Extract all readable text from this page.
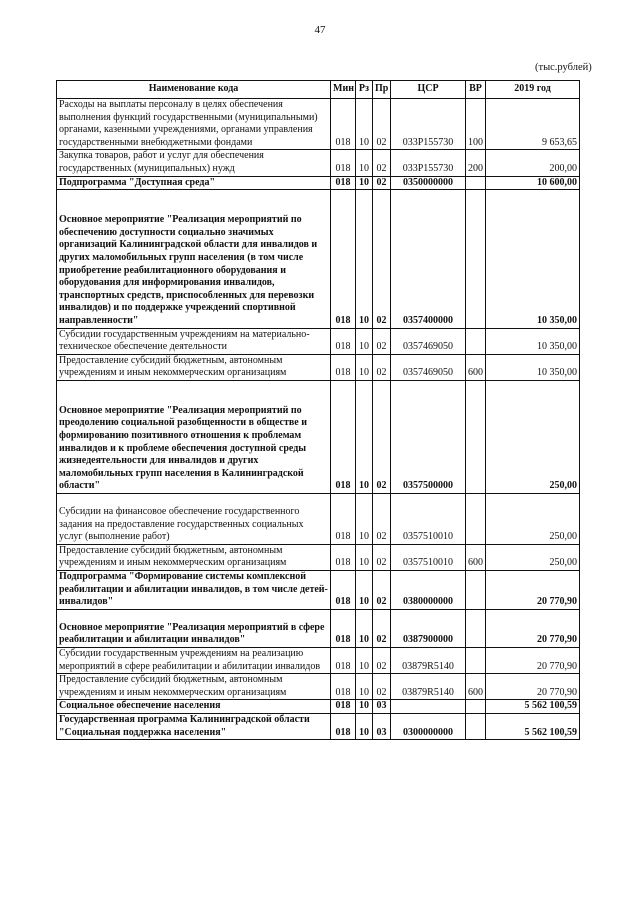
47
(тыс.рублей)
Наименование кода	Мин	Рз	Пр	ЦСР	ВР	2019 год
Расходы на выплаты персоналу в целях обеспечения выполнения функций государственными (муниципальными) органами, казенными учреждениями, органами управления государственными внебюджетными фондами	018	10	02	033P155730	100	9 653,65
Закупка товаров, работ и услуг для обеспечения государственных (муниципальных) нужд	018	10	02	033P155730	200	200,00
Подпрограмма "Доступная среда"	018	10	02	0350000000		10 600,00
Основное мероприятие "Реализация мероприятий по обеспечению доступности социально значимых организаций Калининградской области для инвалидов и других маломобильных групп населения (в том числе приобретение реабилитационного оборудования и оборудования для информирования инвалидов, транспортных средств, приспособленных для перевозки инвалидов) и по поддержке учреждений спортивной направленности"	018	10	02	0357400000		10 350,00
Субсидии государственным учреждениям на материально-техническое обеспечение деятельности	018	10	02	0357469050		10 350,00
Предоставление субсидий бюджетным, автономным учреждениям и иным некоммерческим организациям	018	10	02	0357469050	600	10 350,00
Основное мероприятие "Реализация мероприятий по преодолению социальной разобщенности в обществе и формированию позитивного отношения к проблемам инвалидов и к проблеме обеспечения доступной среды жизнедеятельности для инвалидов и других маломобильных групп населения в Калининградской области"	018	10	02	0357500000		250,00
Субсидии на финансовое обеспечение государственного задания на предоставление государственных социальных услуг (выполнение работ)	018	10	02	0357510010		250,00
Предоставление субсидий бюджетным, автономным учреждениям и иным некоммерческим организациям	018	10	02	0357510010	600	250,00
Подпрограмма "Формирование системы комплексной реабилитации и абилитации инвалидов, в том числе детей-инвалидов"	018	10	02	0380000000		20 770,90
Основное мероприятие "Реализация мероприятий в сфере реабилитации и абилитации инвалидов"	018	10	02	0387900000		20 770,90
Субсидии государственным учреждениям на реализацию мероприятий в сфере реабилитации и абилитации инвалидов	018	10	02	03879R5140		20 770,90
Предоставление субсидий бюджетным, автономным учреждениям и иным некоммерческим организациям	018	10	02	03879R5140	600	20 770,90
Социальное обеспечение населения	018	10	03			5 562 100,59
Государственная программа Калининградской области "Социальная поддержка населения"	018	10	03	0300000000		5 562 100,59
